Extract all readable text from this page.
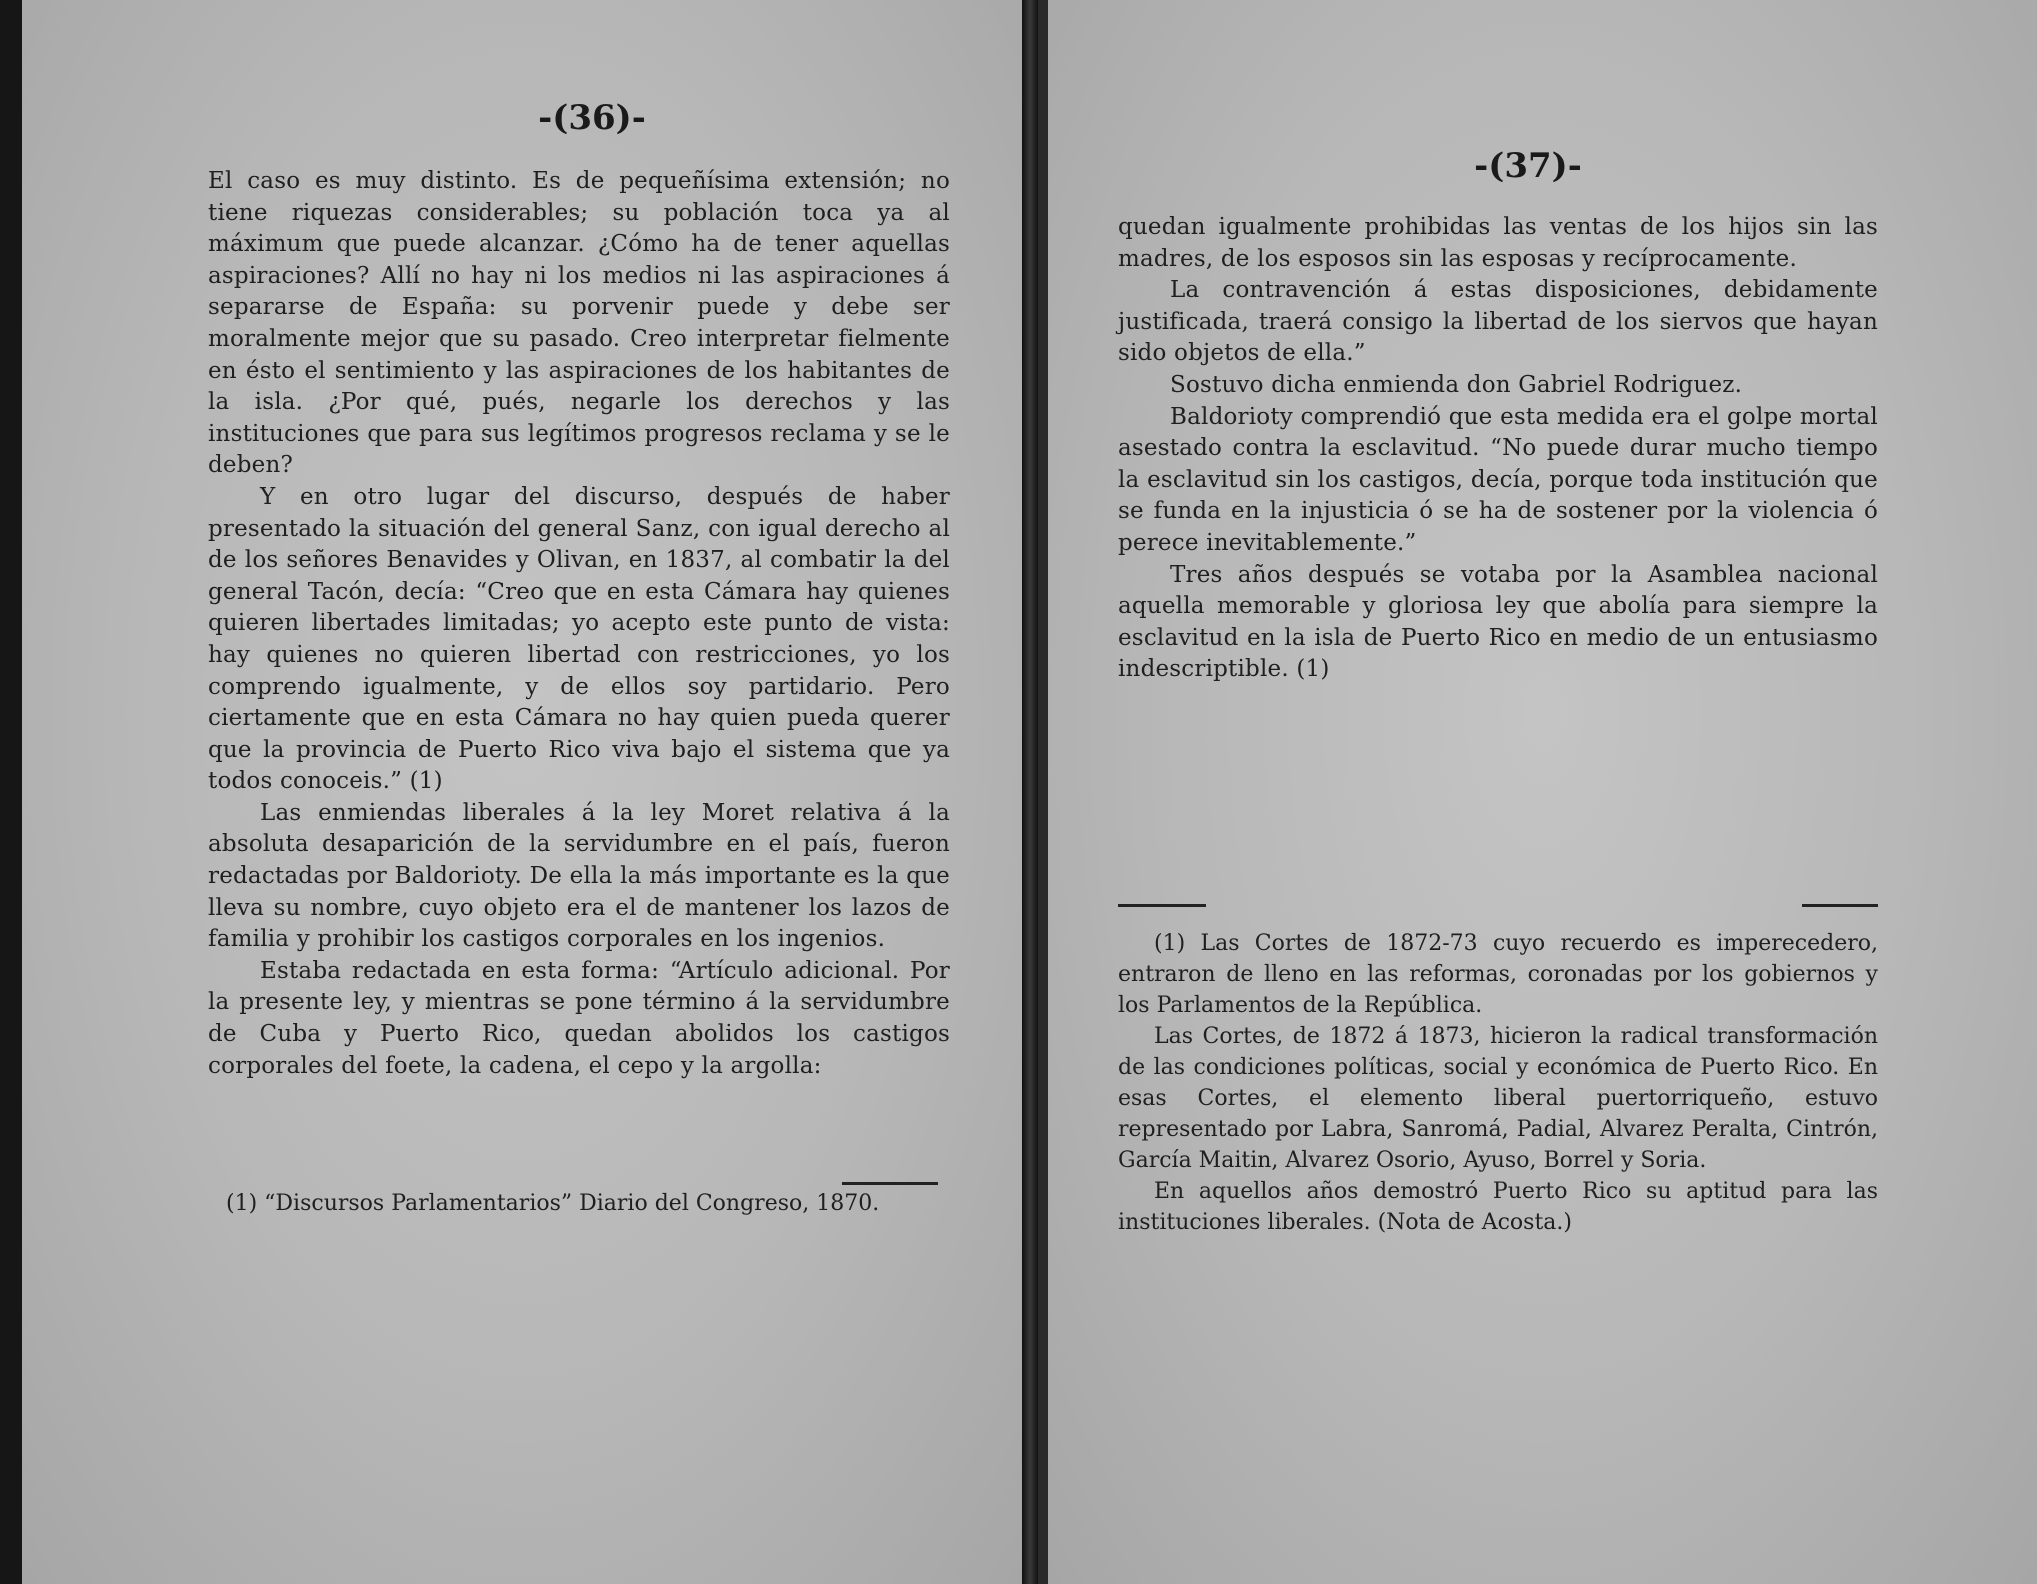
-(36)-

El caso es muy distinto. Es de pequeñísima extensión; no tiene riquezas considerables; su población toca ya al máximum que puede alcanzar. ¿Cómo ha de tener aquellas aspiraciones? Allí no hay ni los medios ni las aspiraciones á separarse de España: su porvenir puede y debe ser moralmente mejor que su pasado. Creo interpretar fielmente en ésto el sentimiento y las aspiraciones de los habitantes de la isla. ¿Por qué, pués, negarle los derechos y las instituciones que para sus legítimos progresos reclama y se le deben?

Y en otro lugar del discurso, después de haber presentado la situación del general Sanz, con igual derecho al de los señores Benavides y Olivan, en 1837, al combatir la del general Tacón, decía: “Creo que en esta Cámara hay quienes quieren libertades limitadas; yo acepto este punto de vista: hay quienes no quieren libertad con restricciones, yo los comprendo igualmente, y de ellos soy partidario. Pero ciertamente que en esta Cámara no hay quien pueda querer que la provincia de Puerto Rico viva bajo el sistema que ya todos conoceis.” (1)

Las enmiendas liberales á la ley Moret relativa á la absoluta desaparición de la servidumbre en el país, fueron redactadas por Baldorioty. De ella la más importante es la que lleva su nombre, cuyo objeto era el de mantener los lazos de familia y prohibir los castigos corporales en los ingenios.

Estaba redactada en esta forma: “Artículo adicional. Por la presente ley, y mientras se pone término á la servidumbre de Cuba y Puerto Rico, quedan abolidos los castigos corporales del foete, la cadena, el cepo y la argolla:

(1) “Discursos Parlamentarios” Diario del Congreso, 1870.

-(37)-

quedan igualmente prohibidas las ventas de los hijos sin las madres, de los esposos sin las esposas y recíprocamente.

La contravención á estas disposiciones, debidamente justificada, traerá consigo la libertad de los siervos que hayan sido objetos de ella.”

Sostuvo dicha enmienda don Gabriel Rodriguez.

Baldorioty comprendió que esta medida era el golpe mortal asestado contra la esclavitud. “No puede durar mucho tiempo la esclavitud sin los castigos, decía, porque toda institución que se funda en la injusticia ó se ha de sostener por la violencia ó perece inevitablemente.”

Tres años después se votaba por la Asamblea nacional aquella memorable y gloriosa ley que abolía para siempre la esclavitud en la isla de Puerto Rico en medio de un entusiasmo indescriptible. (1)

(1) Las Cortes de 1872-73 cuyo recuerdo es imperecedero, entraron de lleno en las reformas, coronadas por los gobiernos y los Parlamentos de la República.

Las Cortes, de 1872 á 1873, hicieron la radical transformación de las condiciones políticas, social y económica de Puerto Rico. En esas Cortes, el elemento liberal puertorriqueño, estuvo representado por Labra, Sanromá, Padial, Alvarez Peralta, Cintrón, García Maitin, Alvarez Osorio, Ayuso, Borrel y Soria.

En aquellos años demostró Puerto Rico su aptitud para las instituciones liberales. (Nota de Acosta.)
